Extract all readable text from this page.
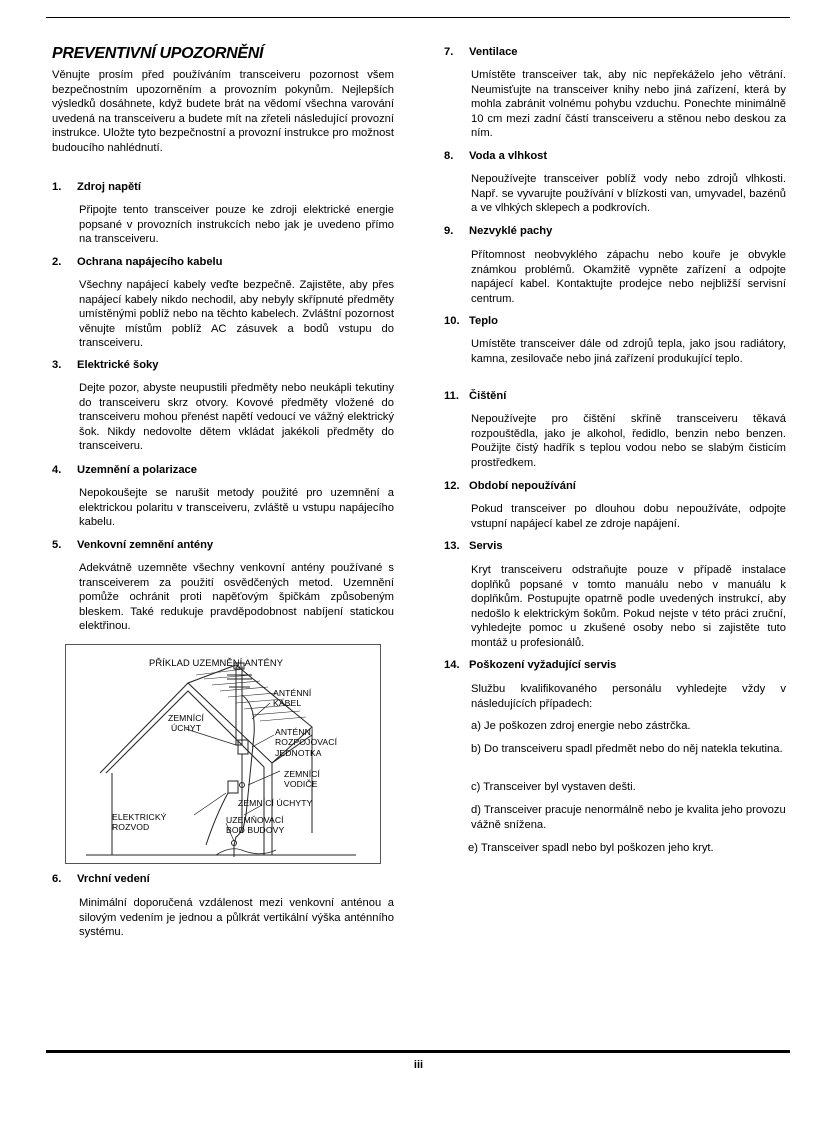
PREVENTIVNÍ UPOZORNĚNÍ
Věnujte prosím před používáním transceiveru pozornost všem bezpečnostním upozorněním a provozním pokynům. Nejlepších výsledků dosáhnete, když budete brát na vědomí všechna varování uvedená na transceiveru a budete mít na zřeteli následující provozní instrukce. Uložte tyto bezpečnostní a provozní instrukce pro možnost budoucího nahlédnutí.
1. Zdroj napětí
Připojte tento transceiver pouze ke zdroji elektrické energie popsané v provozních instrukcích nebo jak je uvedeno přímo na transceiveru.
2. Ochrana napájecího kabelu
Všechny napájecí kabely veďte bezpečně. Zajistěte, aby přes napájecí kabely nikdo nechodil, aby nebyly skřípnuté předměty umístěnými poblíž nebo na těchto kabelech. Zvláštní pozornost věnujte místům poblíž AC zásuvek a bodů vstupu do transceiveru.
3. Elektrické šoky
Dejte pozor, abyste neupustili předměty nebo neukápli tekutiny do transceiveru skrz otvory. Kovové předměty vložené do transceiveru mohou přenést napětí vedoucí ve vážný elektrický šok. Nikdy nedovolte dětem vkládat jakékoli předměty do transceiveru.
4. Uzemnění a polarizace
Nepokoušejte se narušit metody použité pro uzemnění a elektrickou polaritu v transceiveru, zvláště u vstupu napájecího kabelu.
5. Venkovní zemnění antény
Adekvátně uzemněte všechny venkovní antény používané s transceiverem za použití osvědčených metod. Uzemnění pomůže ochránit proti napěťovým špičkám způsobeným bleskem. Také redukuje pravděpodobnost nabíjení statickou elektřinou.
PŘÍKLAD UZEMNĚNÍ ANTÉNY
ANTÉNNÍ
KABEL
ZEMNÍCÍ
ÚCHYT	ANTÉNNÍ
ROZPOJOVACÍ
JEDNOTKA
ZEMNÍCÍ
VODIČE
ZEMNÍCÍ ÚCHYTY
ELEKTRICKÝ
ROZVOD
UZEMŇOVACÍ
BOD BUDOVY
6. Vrchní vedení
Minimální doporučená vzdálenost mezi venkovní anténou a silovým vedením je jednou a půlkrát vertikální výška anténního systému.
7. Ventilace
Umístěte transceiver tak, aby nic nepřekáželo jeho větrání. Neumisťujte na transceiver knihy nebo jiná zařízení, která by mohla zabránit volnému pohybu vzduchu. Ponechte minimálně 10 cm mezi zadní částí transceiveru a stěnou nebo deskou za ním.
8. Voda a vlhkost
Nepoužívejte transceiver poblíž vody nebo zdrojů vlhkosti. Např. se vyvarujte používání v blízkosti van, umyvadel, bazénů a ve vlhkých sklepech a podkrovích.
9. Nezvyklé pachy
Přítomnost neobvyklého zápachu nebo kouře je obvykle známkou problémů. Okamžitě vypněte zařízení a odpojte napájecí kabel. Kontaktujte prodejce nebo nejbližší servisní centrum.
10. Teplo
Umístěte transceiver dále od zdrojů tepla, jako jsou radiátory, kamna, zesilovače nebo jiná zařízení produkující teplo.
11. Čištění
Nepoužívejte pro čištění skříně transceiveru těkavá rozpouštědla, jako je alkohol, ředidlo, benzin nebo benzen. Použijte čistý hadřík s teplou vodou nebo se slabým čisticím prostředkem.
12. Období nepoužívání
Pokud transceiver po dlouhou dobu nepoužíváte, odpojte vstupní napájecí kabel ze zdroje napájení.
13. Servis
Kryt transceiveru odstraňujte pouze v případě instalace doplňků popsané v tomto manuálu nebo v manuálu k doplňkům. Postupujte opatrně podle uvedených instrukcí, aby nedošlo k elektrickým šokům. Pokud nejste v této práci zruční, vyhledejte pomoc u zkušené osoby nebo si zajistěte tuto montáž u profesionálů.
14. Poškození vyžadující servis
Službu kvalifikovaného personálu vyhledejte vždy v následujících případech:
a) Je poškozen zdroj energie nebo zástrčka.
b) Do transceiveru spadl předmět nebo do něj natekla tekutina.
c) Transceiver byl vystaven dešti.
d) Transceiver pracuje nenormálně nebo je kvalita jeho provozu vážně snížena.
e) Transceiver spadl nebo byl poškozen jeho kryt.
iii
